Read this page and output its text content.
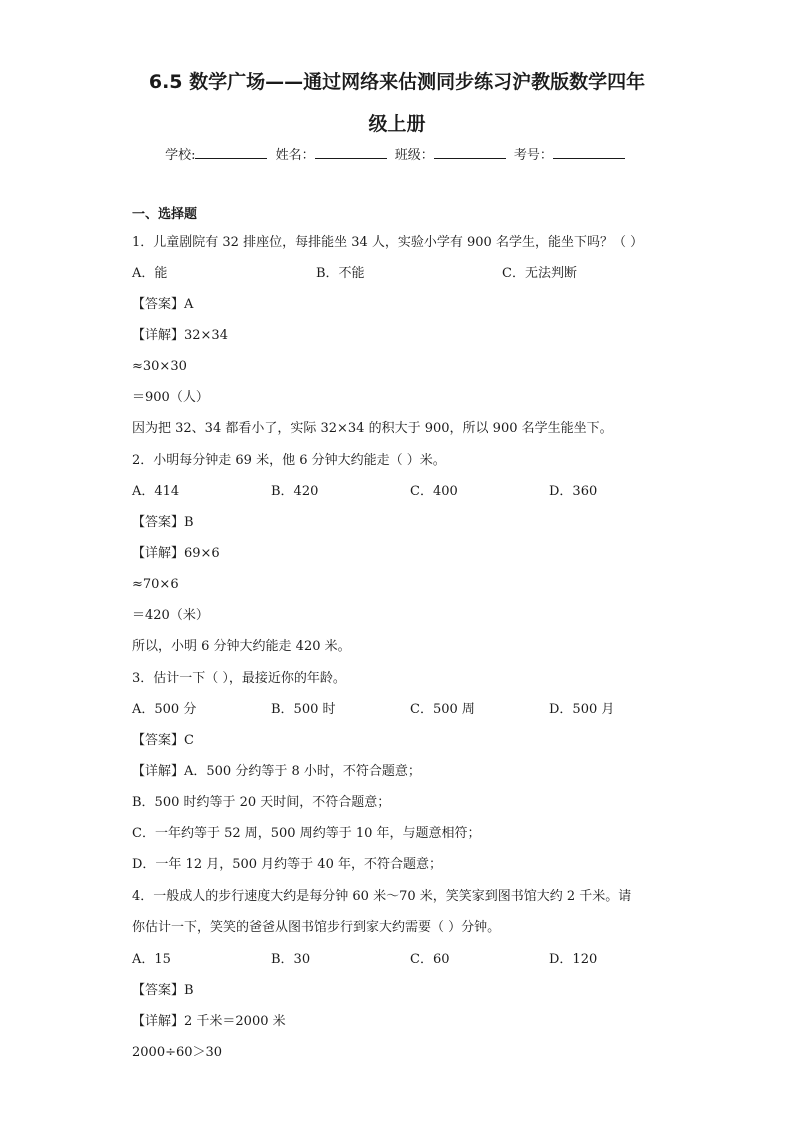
6.5 数学广场——通过网络来估测同步练习沪教版数学四年
级上册
学校:	姓名：	班级：	考号：
一、选择题
1．儿童剧院有 32 排座位，每排能坐 34 人，实验小学有 900 名学生，能坐下吗？（ ）
A．能	B．不能	C．无法判断
【答案】A
【详解】32×34
≈30×30
＝900（人）
因为把 32、34 都看小了，实际 32×34 的积大于 900，所以 900 名学生能坐下。
2．小明每分钟走 69 米，他 6 分钟大约能走（ ）米。
A．414	B．420	C．400	D．360
【答案】B
【详解】69×6
≈70×6
＝420（米）
所以，小明 6 分钟大约能走 420 米。
3．估计一下（ ），最接近你的年龄。
A．500 分	B．500 时	C．500 周	D．500 月
【答案】C
【详解】A．500 分约等于 8 小时，不符合题意；
B．500 时约等于 20 天时间，不符合题意；
C．一年约等于 52 周，500 周约等于 10 年，与题意相符；
D．一年 12 月，500 月约等于 40 年，不符合题意；
4．一般成人的步行速度大约是每分钟 60 米～70 米，笑笑家到图书馆大约 2 千米。请
你估计一下，笑笑的爸爸从图书馆步行到家大约需要（ ）分钟。
A．15	B．30	C．60	D．120
【答案】B
【详解】2 千米＝2000 米
2000÷60＞30
